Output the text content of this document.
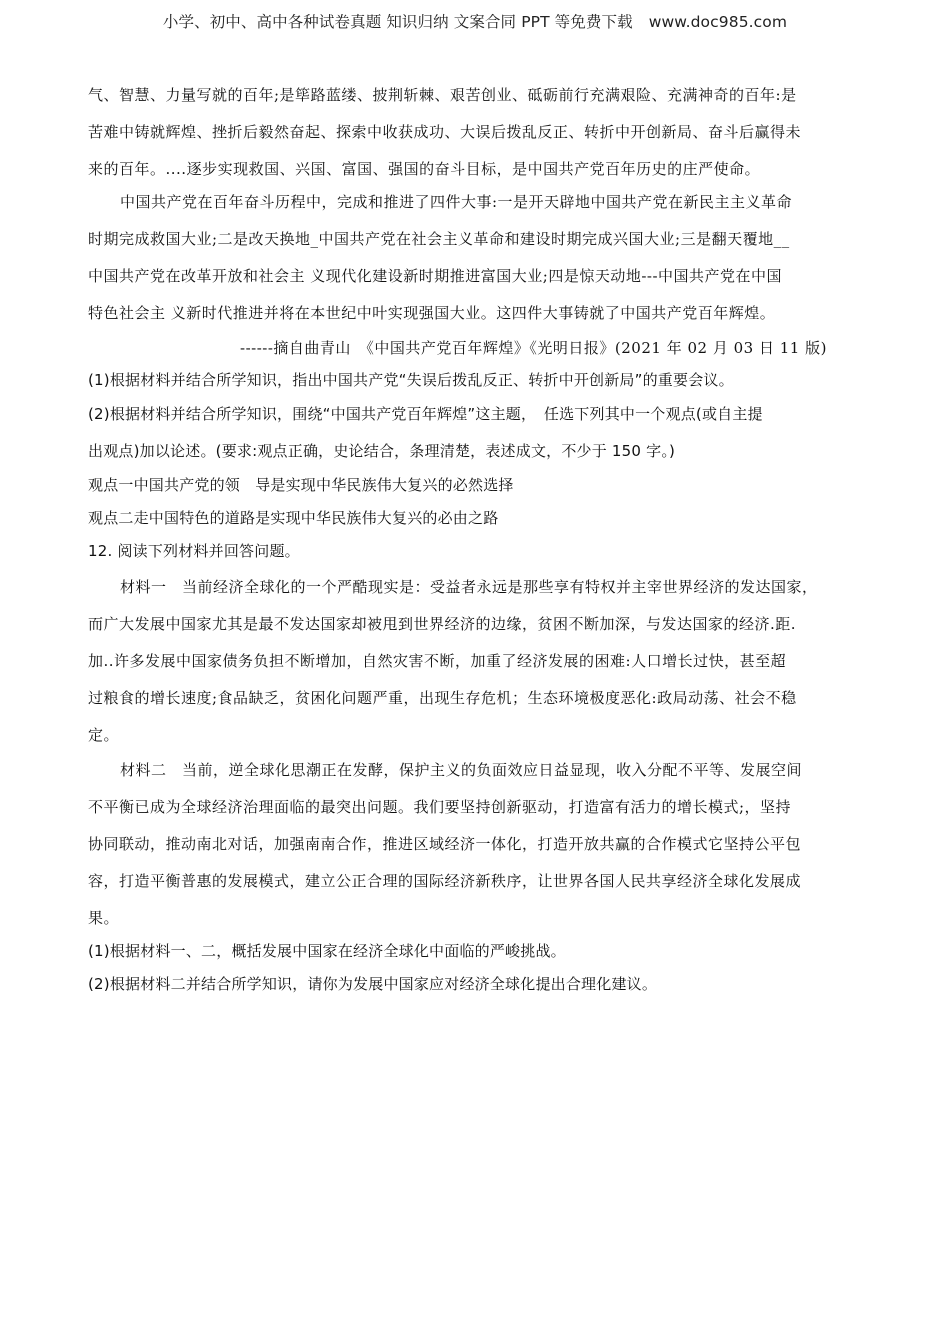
小学、初中、高中各种试卷真题 知识归纳 文案合同 PPT 等免费下载 www.doc985.com
气、智慧、力量写就的百年;是筚路蓝缕、披荆斩棘、艰苦创业、砥砺前行充满艰险、充满神奇的百年:是
苦难中铸就辉煌、挫折后毅然奋起、探索中收获成功、大误后拨乱反正、转折中开创新局、奋斗后赢得未
来的百年。....逐步实现救国、兴国、富国、强国的奋斗目标，是中国共产党百年历史的庄严使命。
中国共产党在百年奋斗历程中，完成和推进了四件大事:一是开天辟地中国共产党在新民主主义革命
时期完成救国大业;二是改天换地_中国共产党在社会主义革命和建设时期完成兴国大业;三是翻天覆地__
中国共产党在改革开放和社会主 义现代化建设新时期推进富国大业;四是惊天动地---中国共产党在中国
特色社会主 义新时代推进并将在本世纪中叶实现强国大业。这四件大事铸就了中国共产党百年辉煌。
------摘自曲青山　《中国共产党百年辉煌》《光明日报》(2021 年 02 月 03 日 11 版)
(1)根据材料并结合所学知识，指出中国共产党“失误后拨乱反正、转折中开创新局”的重要会议。
(2)根据材料并结合所学知识，围绕“中国共产党百年辉煌”这主题，　任选下列其中一个观点(或自主提
出观点)加以论述。(要求:观点正确，史论结合，条理清楚，表述成文，不少于 150 字。)
观点一中国共产党的领　导是实现中华民族伟大复兴的必然选择
观点二走中国特色的道路是实现中华民族伟大复兴的必由之路
12. 阅读下列材料并回答问题。
材料一　当前经济全球化的一个严酷现实是：受益者永远是那些享有特权并主宰世界经济的发达国家，
而广大发展中国家尤其是最不发达国家却被甩到世界经济的边缘，贫困不断加深，与发达国家的经济.距.
加..许多发展中国家债务负担不断增加，自然灾害不断，加重了经济发展的困难:人口增长过快，甚至超
过粮食的增长速度;食品缺乏，贫困化问题严重，出现生存危机；生态环境极度恶化:政局动荡、社会不稳
定。
材料二　当前，逆全球化思潮正在发酵，保护主义的负面效应日益显现，收入分配不平等、发展空间
不平衡已成为全球经济治理面临的最突出问题。我们要坚持创新驱动，打造富有活力的增长模式;，坚持
协同联动，推动南北对话，加强南南合作，推进区域经济一体化，打造开放共赢的合作模式它坚持公平包
容，打造平衡普惠的发展模式，建立公正合理的国际经济新秩序，让世界各国人民共享经济全球化发展成
果。
(1)根据材料一、二，概括发展中国家在经济全球化中面临的严峻挑战。
(2)根据材料二并结合所学知识，请你为发展中国家应对经济全球化提出合理化建议。
